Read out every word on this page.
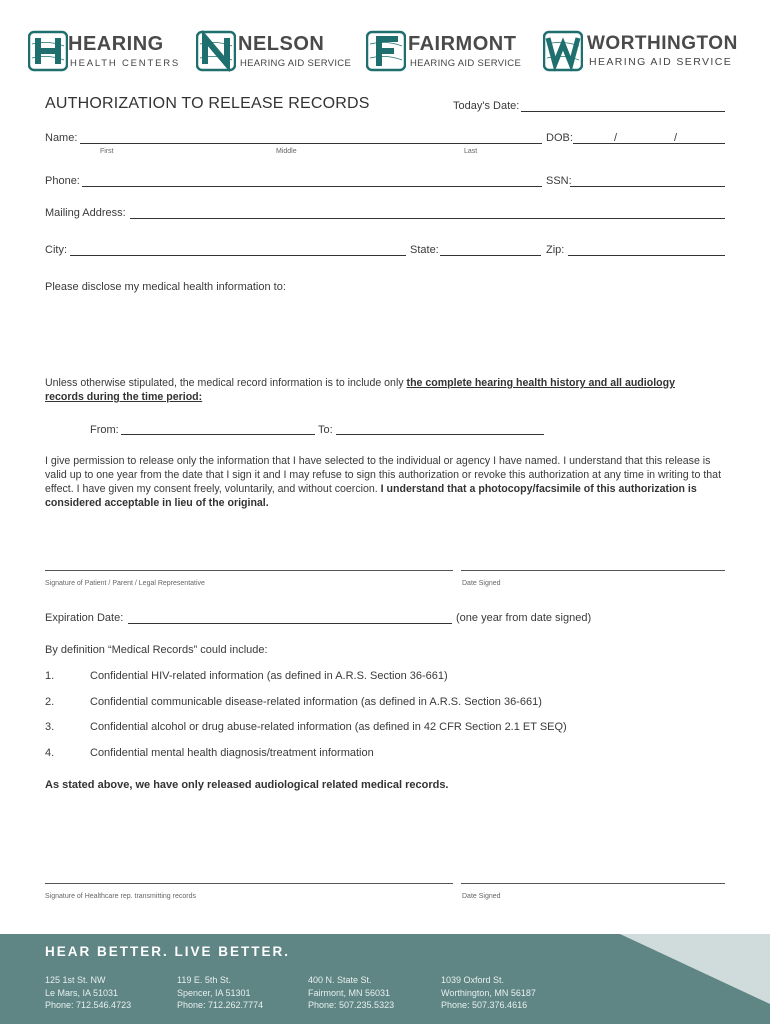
HEARING
HEALTH CENTERS
NELSON
HEARING AID SERVICE
FAIRMONT
HEARING AID SERVICE
WORTHINGTON
HEARING AID SERVICE
AUTHORIZATION TO RELEASE RECORDS	Today's Date:
Name:	DOB:	/	/
First	Middle	Last
Phone:	SSN:
Mailing Address:
City:	State:	Zip:
Please disclose my medical health information to:
Unless otherwise stipulated, the medical record information is to include only the complete hearing health history and all audiology
records during the time period:
From:	To:
I give permission to release only the information that I have selected to the individual or agency I have named. I understand that this release is valid up to one year from the date that I sign it and I may refuse to sign this authorization or revoke this authorization at any time in writing to that effect. I have given my consent freely, voluntarily, and without coercion. I understand that a photocopy/facsimile of this authorization is considered acceptable in lieu of the original.
Signature of Patient / Parent / Legal Representative	Date Signed
Expiration Date:	(one year from date signed)
By definition “Medical Records” could include:
1.	Confidential HIV-related information (as defined in A.R.S. Section 36-661)
2.	Confidential communicable disease-related information (as defined in A.R.S. Section 36-661)
3.	Confidential alcohol or drug abuse-related information (as defined in 42 CFR Section 2.1 ET SEQ)
4.	Confidential mental health diagnosis/treatment information
As stated above, we have only released audiological related medical records.
Signature of Healthcare rep. transmitting records	Date Signed
HEAR BETTER. LIVE BETTER.
125 1st St. NW
Le Mars, IA 51031
Phone: 712.546.4723
119 E. 5th St.
Spencer, IA 51301
Phone: 712.262.7774
400 N. State St.
Fairmont, MN 56031
Phone: 507.235.5323
1039 Oxford St.
Worthington, MN 56187
Phone: 507.376.4616
